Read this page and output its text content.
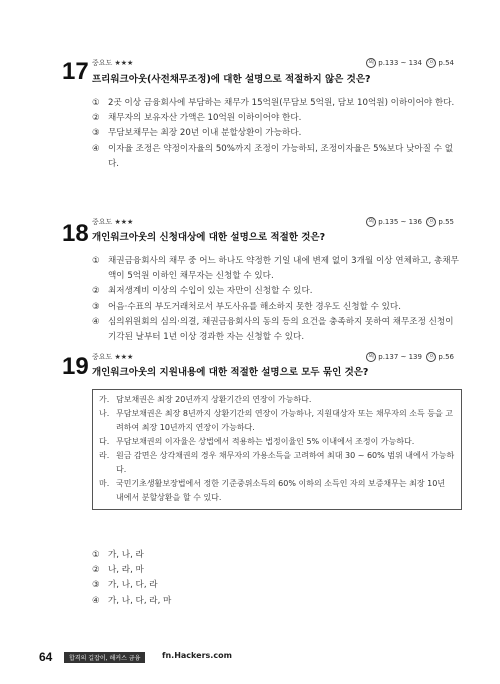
17 중요도 ★★★	의 p.133 ~ 134 ㉧ p.54
프리워크아웃(사전채무조정)에 대한 설명으로 적절하지 않은 것은?
① 2곳 이상 금융회사에 부담하는 채무가 15억원(무담보 5억원, 담보 10억원) 이하이어야 한다.
② 채무자의 보유자산 가액은 10억원 이하이어야 한다.
③ 무담보채무는 최장 20년 이내 분할상환이 가능하다.
④ 이자율 조정은 약정이자율의 50%까지 조정이 가능하되, 조정이자율은 5%보다 낮아질 수 없다.
18 중요도 ★★★	의 p.135 ~ 136 ㉧ p.55
개인워크아웃의 신청대상에 대한 설명으로 적절한 것은?
① 채권금융회사의 채무 중 어느 하나도 약정한 기일 내에 변제 없이 3개월 이상 연체하고, 총채무액이 5억원 이하인 채무자는 신청할 수 있다.
② 최저생계비 이상의 수입이 있는 자만이 신청할 수 있다.
③ 어음·수표의 부도거래처로서 부도사유를 해소하지 못한 경우도 신청할 수 있다.
④ 심의위원회의 심의·의결, 채권금융회사의 동의 등의 요건을 충족하지 못하여 채무조정 신청이 기각된 날부터 1년 이상 경과한 자는 신청할 수 있다.
19 중요도 ★★★	의 p.137 ~ 139 ㉧ p.56
개인워크아웃의 지원내용에 대한 적절한 설명으로 모두 묶인 것은?
가. 담보채권은 최장 20년까지 상환기간의 연장이 가능하다.
나. 무담보채권은 최장 8년까지 상환기간의 연장이 가능하나, 지원대상자 또는 채무자의 소득 등을 고려하여 최장 10년까지 연장이 가능하다.
다. 무담보채권의 이자율은 상법에서 적용하는 법정이율인 5% 이내에서 조정이 가능하다.
라. 원금 감면은 상각채권의 경우 채무자의 가용소득을 고려하여 최대 30 ~ 60% 범위 내에서 가능하다.
마. 국민기초생활보장법에서 정한 기준중위소득의 60% 이하의 소득인 자의 보증채무는 최장 10년 내에서 분할상환을 할 수 있다.
① 가, 나, 라
② 나, 라, 마
③ 가, 나, 다, 라
④ 가, 나, 다, 라, 마
64	합격의 길잡이, 해커스 금융	fn.Hackers.com
